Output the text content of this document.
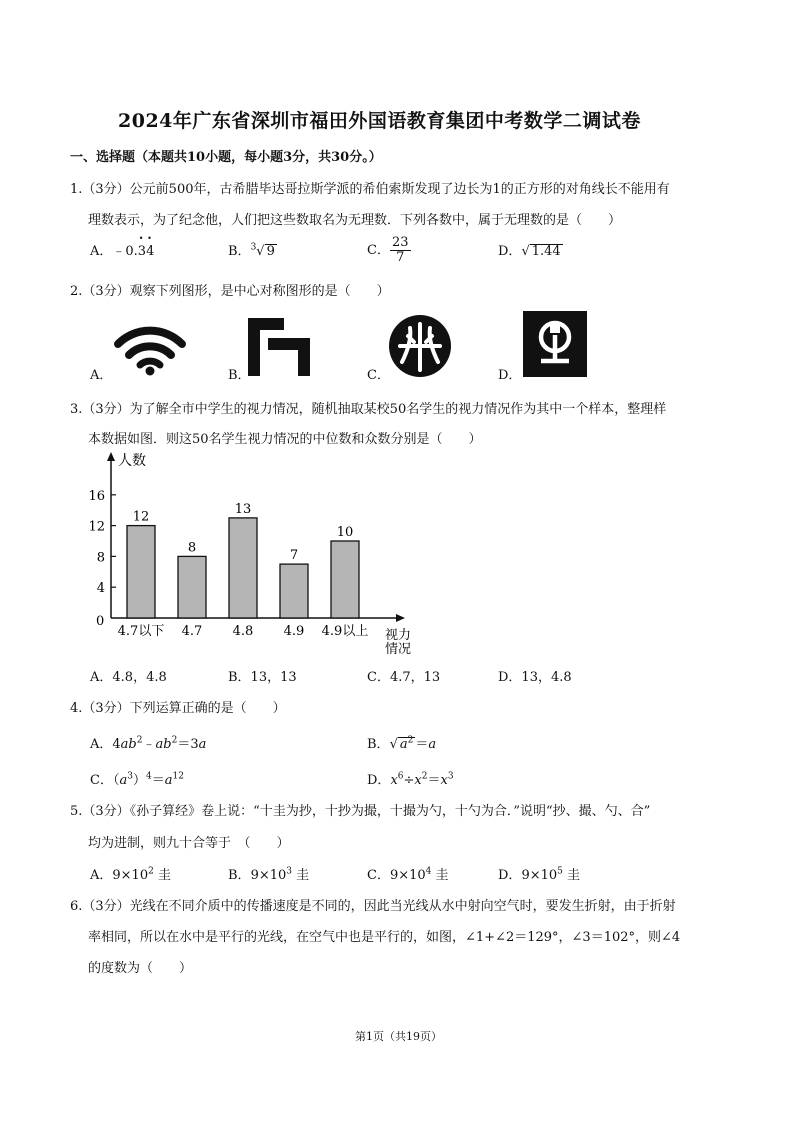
2024年广东省深圳市福田外国语教育集团中考数学二调试卷
一、选择题（本题共10小题，每小题3分，共30分。）
1.（3分）公元前500年，古希腊毕达哥拉斯学派的希伯索斯发现了边长为1的正方形的对角线长不能用有
理数表示，为了纪念他，人们把这些数取名为无理数．下列各数中，属于无理数的是（　　）
A．﹣0.• 3• 4	B．$^3$√ 9	C． $\frac{23}{7}$	D．√ 1.44
2.（3分）观察下列图形，是中心对称图形的是（　　）
A．	B．	C．	D．
3.（3分）为了解全市中学生的视力情况，随机抽取某校50名学生的视力情况作为其中一个样本，整理样
本数据如图．则这50名学生视力情况的中位数和众数分别是（　　）
人数
视力
情况
0
16
12
8
4
12
4.7以下
8
4.7
13
4.8
7
4.9
10
4.9以上
A．4.8，4.8	B．13，13	C．4.7，13	D．13，4.8
4.（3分）下列运算正确的是（　　）
A．$4ab^2﹣ab^2=3a$	B．√ $a^2 =a$
C．$(a^3)^4=a^{12}$	D．$x^6\div x^2=x^3$
5.（3分）《孙子算经》卷上说：“十圭为抄，十抄为撮，十撮为勺，十勺为合．”说明“抄、撮、勺、合”
均为进制，则九十合等于　（　　）
A．$9\times 10^2$ 圭	B．$9\times 10^3$ 圭	C．$9\times 10^4$ 圭	D．$9\times 10^5$ 圭
6.（3分）光线在不同介质中的传播速度是不同的，因此当光线从水中射向空气时，要发生折射，由于折射
率相同，所以在水中是平行的光线，在空气中也是平行的，如图，∠1+∠2＝129°，∠3＝102°，则∠4
的度数为（　　）
第1页（共19页）
